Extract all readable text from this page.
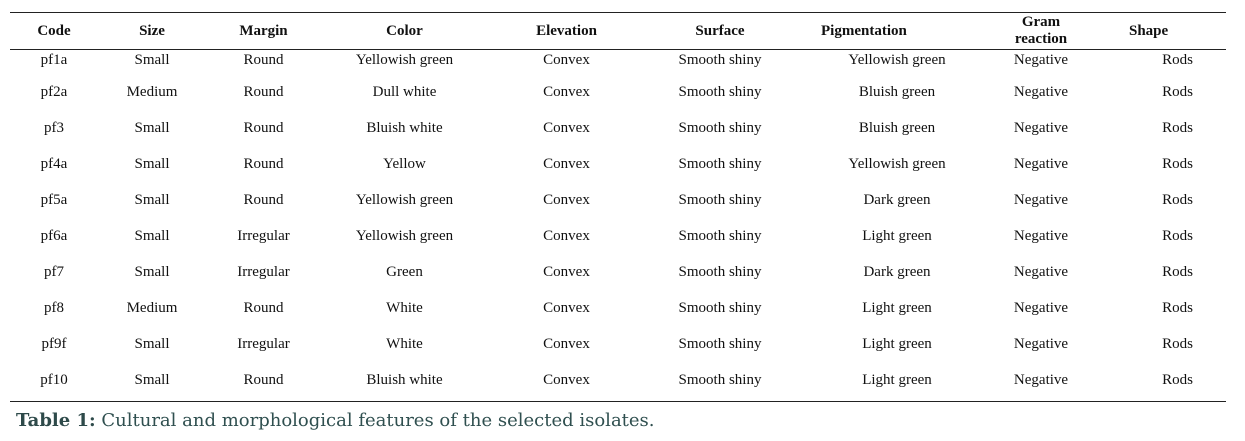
Code	Size	Margin	Color	Elevation	Surface	Pigmentation	Gram reaction	Shape
pf1a	Small	Round	Yellowish green	Convex	Smooth shiny	Yellowish green	Negative	Rods
pf2a	Medium	Round	Dull white	Convex	Smooth shiny	Bluish green	Negative	Rods
pf3	Small	Round	Bluish white	Convex	Smooth shiny	Bluish green	Negative	Rods
pf4a	Small	Round	Yellow	Convex	Smooth shiny	Yellowish green	Negative	Rods
pf5a	Small	Round	Yellowish green	Convex	Smooth shiny	Dark green	Negative	Rods
pf6a	Small	Irregular	Yellowish green	Convex	Smooth shiny	Light green	Negative	Rods
pf7	Small	Irregular	Green	Convex	Smooth shiny	Dark green	Negative	Rods
pf8	Medium	Round	White	Convex	Smooth shiny	Light green	Negative	Rods
pf9f	Small	Irregular	White	Convex	Smooth shiny	Light green	Negative	Rods
pf10	Small	Round	Bluish white	Convex	Smooth shiny	Light green	Negative	Rods
Table 1: Cultural and morphological features of the selected isolates.
